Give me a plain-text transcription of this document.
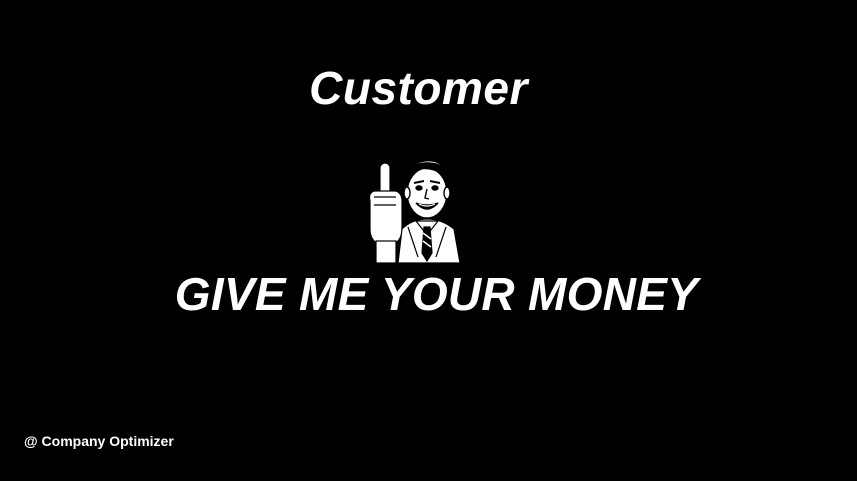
Customer
GIVE ME YOUR MONEY
@ Company Optimizer
